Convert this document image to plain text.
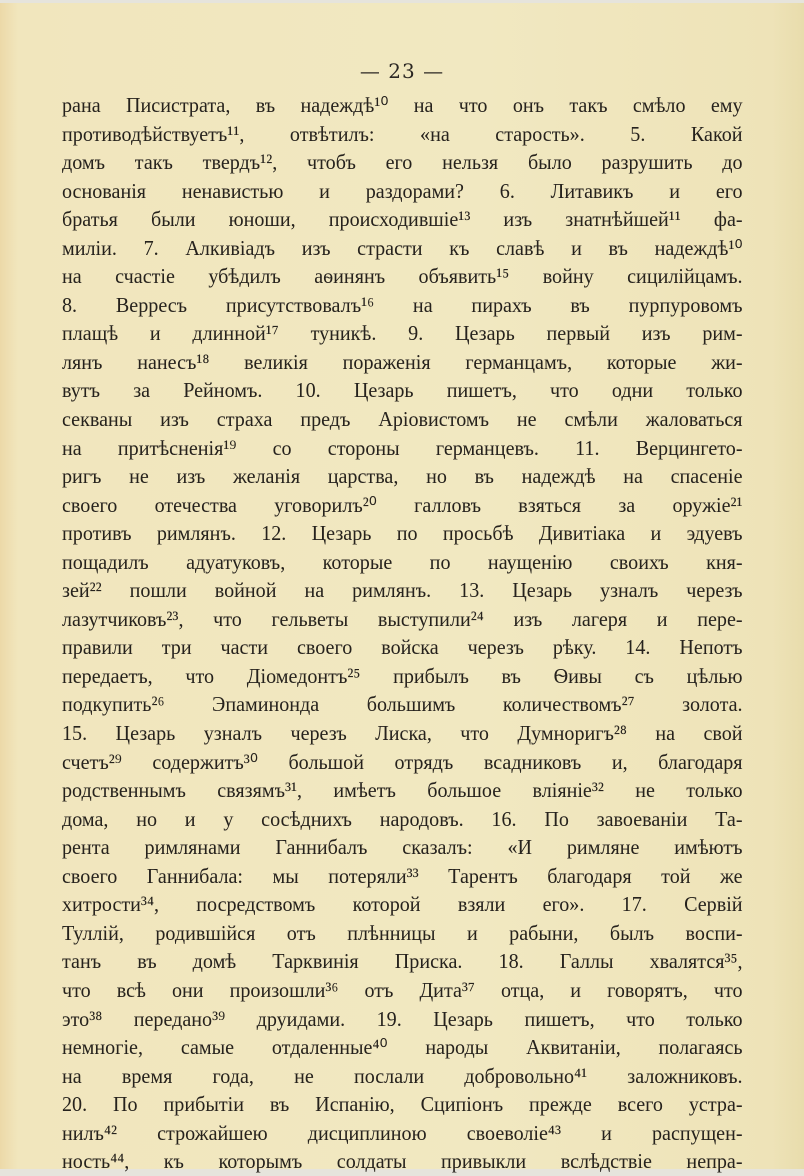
— 23 —
рана Писистрата, въ надеждѣ¹⁰ на что онъ такъ смѣло ему
противодѣйствуетъ¹¹, отвѣтилъ: «на старость». 5. Какой
домъ такъ твердъ¹², чтобъ его нельзя было разрушить до
основанія ненавистью и раздорами? 6. Литавикъ и его
братья были юноши, происходившіе¹³ изъ знатнѣйшей¹¹ фа-
миліи. 7. Алкивіадъ изъ страсти къ славѣ и въ надеждѣ¹⁰
на счастіе убѣдилъ аѳинянъ объявить¹⁵ войну сицилійцамъ.
8. Верресъ присутствовалъ¹⁶ на пирахъ въ пурпуровомъ
плащѣ и длинной¹⁷ туникѣ. 9. Цезарь первый изъ рим-
лянъ нанесъ¹⁸ великія пораженія германцамъ, которые жи-
вутъ за Рейномъ. 10. Цезарь пишетъ, что одни только
секваны изъ страха предъ Аріовистомъ не смѣли жаловаться
на притѣсненія¹⁹ со стороны германцевъ. 11. Верцингето-
ригъ не изъ желанія царства, но въ надеждѣ на спасеніе
своего отечества уговорилъ²⁰ галловъ взяться за оружіе²¹
противъ римлянъ. 12. Цезарь по просьбѣ Дивитіака и эдуевъ
пощадилъ адуатуковъ, которые по наущенію своихъ кня-
зей²² пошли войной на римлянъ. 13. Цезарь узналъ черезъ
лазутчиковъ²³, что гельветы выступили²⁴ изъ лагеря и пере-
правили три части своего войска черезъ рѣку. 14. Непотъ
передаетъ, что Діомедонтъ²⁵ прибылъ въ Ѳивы съ цѣлью
подкупить²⁶ Эпаминонда большимъ количествомъ²⁷ золота.
15. Цезарь узналъ черезъ Лиска, что Думноригъ²⁸ на свой
счетъ²⁹ содержитъ³⁰ большой отрядъ всадниковъ и, благодаря
родственнымъ связямъ³¹, имѣетъ большое вліяніе³² не только
дома, но и у сосѣднихъ народовъ. 16. По завоеваніи Та-
рента римлянами Ганнибалъ сказалъ: «И римляне имѣютъ
своего Ганнибала: мы потеряли³³ Тарентъ благодаря той же
хитрости³⁴, посредствомъ которой взяли его». 17. Сервій
Туллій, родившійся отъ плѣнницы и рабыни, былъ воспи-
танъ въ домѣ Тарквинія Приска. 18. Галлы хвалятся³⁵,
что всѣ они произошли³⁶ отъ Дита³⁷ отца, и говорятъ, что
это³⁸ передано³⁹ друидами. 19. Цезарь пишетъ, что только
немногіе, самые отдаленные⁴⁰ народы Аквитаніи, полагаясь
на время года, не послали добровольно⁴¹ заложниковъ.
20. По прибытіи въ Испанію, Сципіонъ прежде всего устра-
нилъ⁴² строжайшею дисциплиною своеволіе⁴³ и распущен-
ность⁴⁴, къ которымъ солдаты привыкли вслѣдствіе непра-
